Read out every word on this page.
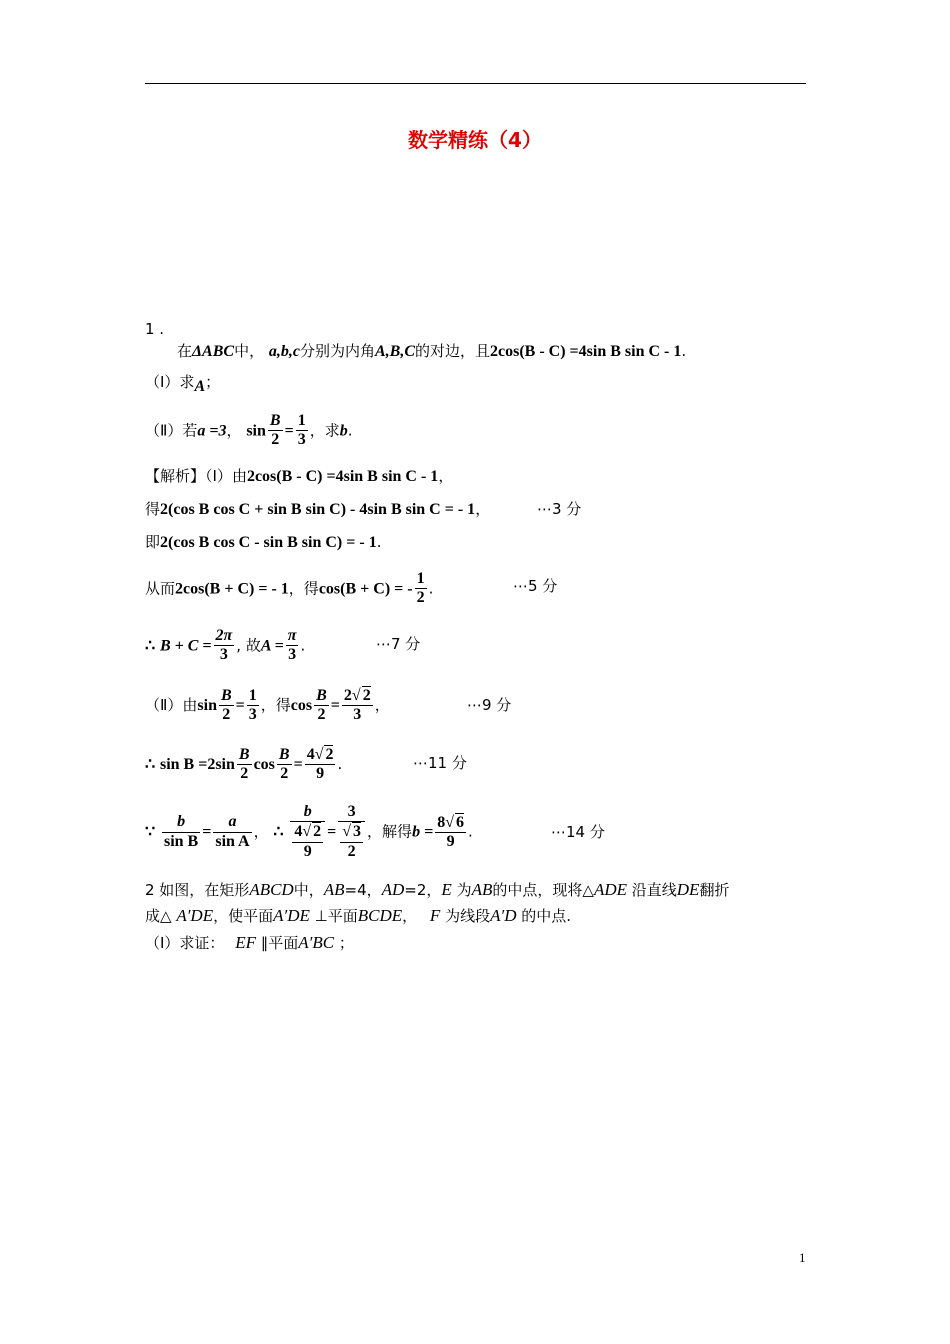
数学精练（4）
1 .
在ΔABC中， a,b,c分别为内角A,B,C的对边，且2cos(B - C) =4sin B sin C - 1.
（Ⅰ）求A；
（Ⅱ）若a =3， $\sin \frac{B}{2} = \frac{1}{3}$ ，求b.
【解析】（Ⅰ）由2cos(B - C) =4sin B sin C - 1，
得2(cos B cos C + sin B sin C) - 4sin B sin C = - 1，	⋯3 分
即2(cos B cos C - sin B sin C) = - 1.
从而2cos(B + C) = - 1，得cos(B + C) = - $\frac{1}{2}$ .	⋯5 分
∴ $B + C = \frac{2\pi}{3}$ , 故$A = \frac{\pi}{3}$ .	⋯7 分
（Ⅱ）由$\sin \frac{B}{2} = \frac{1}{3}$ ，得$\cos \frac{B}{2} = \frac{2√ 2}{3}$ ，	⋯9 分
∴ $\sin B =2\sin \frac{B}{2}$ $\cos \frac{B}{2} = \frac{4√ 2}{9}$ .	⋯11 分
∵ $\frac{b}{\text{sin B}} = \frac{a}{\text{sin A}}$ ， ∴ $\frac{b}{\frac{4√ 2}{9}} = \frac{3}{\frac{√ 3}{2}}$ ，解得$b = \frac{8√ 6}{9}$ .	⋯14 分
2 如图，在矩形ABCD中，AB=4，AD=2，E 为AB的中点，现将△ADE 沿直线DE翻折
成△ A′DE，使平面A′DE ⊥平面BCDE， F 为线段A′D 的中点.
（Ⅰ）求证： EF ∥平面A′BC ；
1
